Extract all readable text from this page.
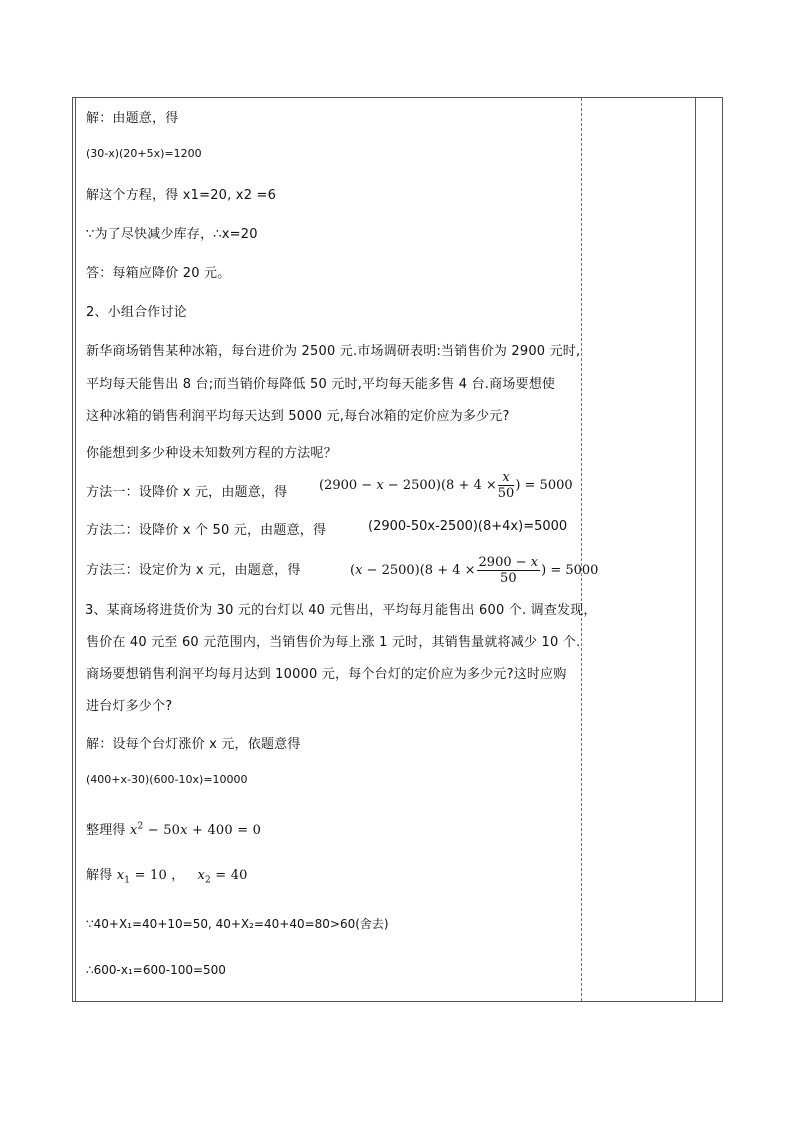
解：由题意，得
(30-x)(20+5x)=1200
解这个方程，得 x1=20, x2 =6
∵为了尽快减少库存，∴x=20
答：每箱应降价 20 元。
2、小组合作讨论
新华商场销售某种冰箱，每台进价为 2500 元.市场调研表明:当销售价为 2900 元时,
平均每天能售出 8 台;而当销价每降低 50 元时,平均每天能多售 4 台.商场要想使
这种冰箱的销售利润平均每天达到 5000 元,每台冰箱的定价应为多少元?
你能想到多少种设未知数列方程的方法呢？
方法一：设降价 x 元，由题意，得 $(2900 - x - 2500)(8 + 4 \times \frac{x}{50}$ ) = 5000
方法二：设降价 x 个 50 元，由题意，得	(2900-50x-2500)(8+4x)=5000
方法三：设定价为 x 元，由题意，得	$(x - 2500)(8 + 4 \times \frac{2900 - x}{50}$ ) = 5000
3、某商场将进货价为 30 元的台灯以 40 元售出，平均每月能售出 600 个. 调查发现，
售价在 40 元至 60 元范围内，当销售价为每上涨 1 元时，其销售量就将减少 10 个.
商场要想销售利润平均每月达到 10000 元，每个台灯的定价应为多少元?这时应购
进台灯多少个?
解：设每个台灯涨价 x 元，依题意得
(400+x-30)(600-10x)=10000
整理得 $x^2 - 50x + 400 = 0$
解得 $x_1 = 10$ ，   $x_2 = 40$
∵40+X₁=40+10=50, 40+X₂=40+40=80>60(舍去)
∴600-x₁=600-100=500
